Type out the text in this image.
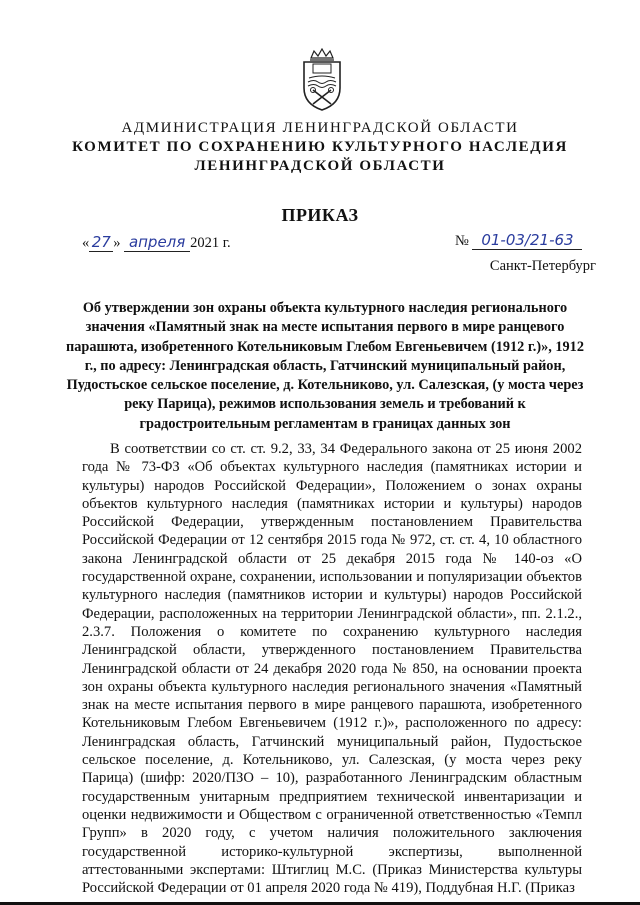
АДМИНИСТРАЦИЯ ЛЕНИНГРАДСКОЙ ОБЛАСТИ
КОМИТЕТ ПО СОХРАНЕНИЮ КУЛЬТУРНОГО НАСЛЕДИЯ
ЛЕНИНГРАДСКОЙ ОБЛАСТИ
ПРИКАЗ
« 27 » апреля 2021 г.	№ 01-03/21-63
Санкт-Петербург
Об утверждении зон охраны объекта культурного наследия регионального значения «Памятный знак на месте испытания первого в мире ранцевого парашюта, изобретенного Котельниковым Глебом Евгеньевичем (1912 г.)», 1912 г., по адресу: Ленинградская область, Гатчинский муниципальный район, Пудостьское сельское поселение, д. Котельниково, ул. Салезская, (у моста через реку Парица), режимов использования земель и требований к градостроительным регламентам в границах данных зон

В соответствии со ст. ст. 9.2, 33, 34 Федерального закона от 25 июня 2002 года № 73-ФЗ «Об объектах культурного наследия (памятниках истории и культуры) народов Российской Федерации», Положением о зонах охраны объектов культурного наследия (памятниках истории и культуры) народов Российской Федерации, утвержденным постановлением Правительства Российской Федерации от 12 сентября 2015 года № 972, ст. ст. 4, 10 областного закона Ленинградской области от 25 декабря 2015 года № 140-оз «О государственной охране, сохранении, использовании и популяризации объектов культурного наследия (памятников истории и культуры) народов Российской Федерации, расположенных на территории Ленинградской области», пп. 2.1.2., 2.3.7. Положения о комитете по сохранению культурного наследия Ленинградской области, утвержденного постановлением Правительства Ленинградской области от 24 декабря 2020 года № 850, на основании проекта зон охраны объекта культурного наследия регионального значения «Памятный знак на месте испытания первого в мире ранцевого парашюта, изобретенного Котельниковым Глебом Евгеньевичем (1912 г.)», расположенного по адресу: Ленинградская область, Гатчинский муниципальный район, Пудостьское сельское поселение, д. Котельниково, ул. Салезская, (у моста через реку Парица) (шифр: 2020/ПЗО – 10), разработанного Ленинградским областным государственным унитарным предприятием технической инвентаризации и оценки недвижимости и Обществом с ограниченной ответственностью «Темпл Групп» в 2020 году, с учетом наличия положительного заключения государственной историко-культурной экспертизы, выполненной аттестованными экспертами: Штиглиц М.С. (Приказ Министерства культуры Российской Федерации от 01 апреля 2020 года № 419), Поддубная Н.Г. (Приказ
